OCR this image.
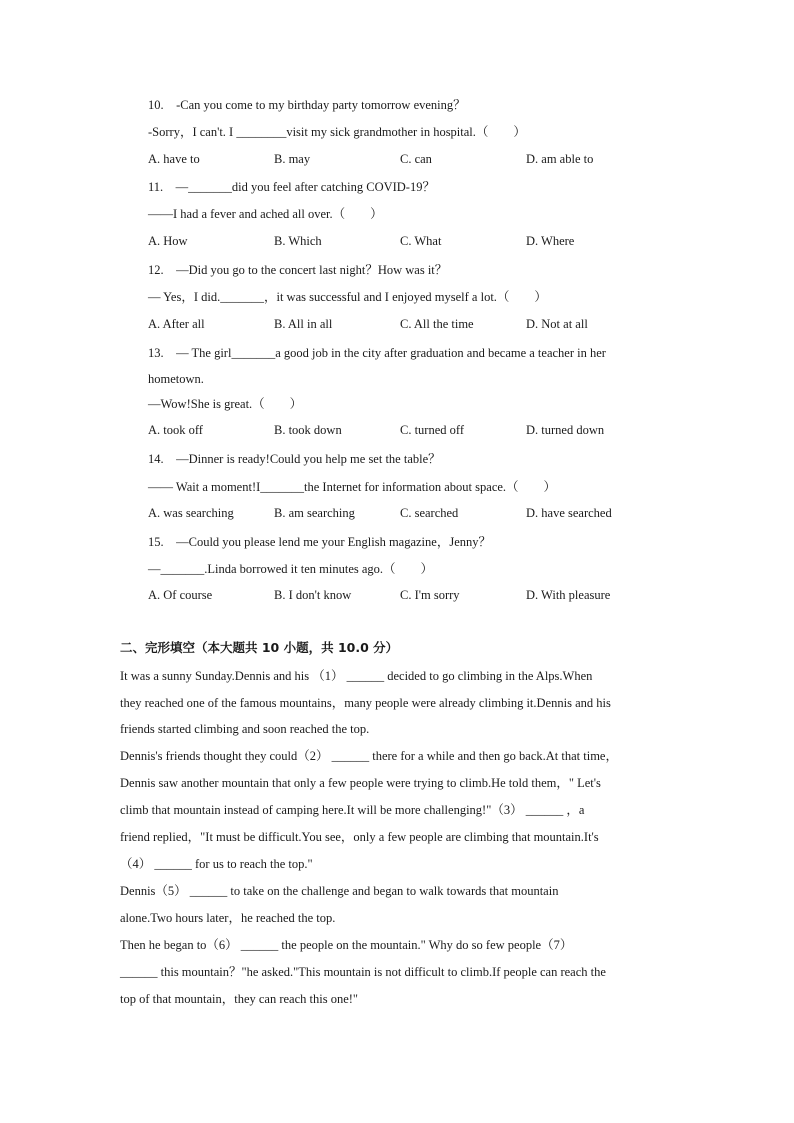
10. -Can you come to my birthday party tomorrow evening？
-Sorry，I can't. I ________visit my sick grandmother in hospital.（  ）
A. have to	B. may	C. can	D. am able to
11. —_______did you feel after catching COVID-19？
——I had a fever and ached all over.（  ）
A. How	B. Which	C. What	D. Where
12. —Did you go to the concert last night？How was it？
— Yes，I did._______，it was successful and I enjoyed myself a lot.（  ）
A. After all	B. All in all	C. All the time	D. Not at all
13. — The girl_______a good job in the city after graduation and became a teacher in her
hometown.
—Wow!She is great.（  ）
A. took off	B. took down	C. turned off	D. turned down
14. —Dinner is ready!Could you help me set the table？
—— Wait a moment!I_______the Internet for information about space.（  ）
A. was searching	B. am searching	C. searched	D. have searched
15. —Could you please lend me your English magazine，Jenny？
—_______.Linda borrowed it ten minutes ago.（  ）
A. Of course	B. I don't know	C. I'm sorry	D. With pleasure
二、完形填空（本大题共 10 小题，共 10.0 分）
It was a sunny Sunday.Dennis and his （1） ______ decided to go climbing in the Alps.When
they reached one of the famous mountains，many people were already climbing it.Dennis and his
friends started climbing and soon reached the top.
Dennis's friends thought they could（2） ______ there for a while and then go back.At that time，
Dennis saw another mountain that only a few people were trying to climb.He told them，" Let's
climb that mountain instead of camping here.It will be more challenging!"（3） ______ ，a
friend replied，"It must be difficult.You see，only a few people are climbing that mountain.It's
（4） ______ for us to reach the top."
Dennis（5） ______ to take on the challenge and began to walk towards that mountain
alone.Two hours later，he reached the top.
Then he began to（6） ______ the people on the mountain." Why do so few people（7）
______ this mountain？"he asked."This mountain is not difficult to climb.If people can reach the
top of that mountain，they can reach this one!"
